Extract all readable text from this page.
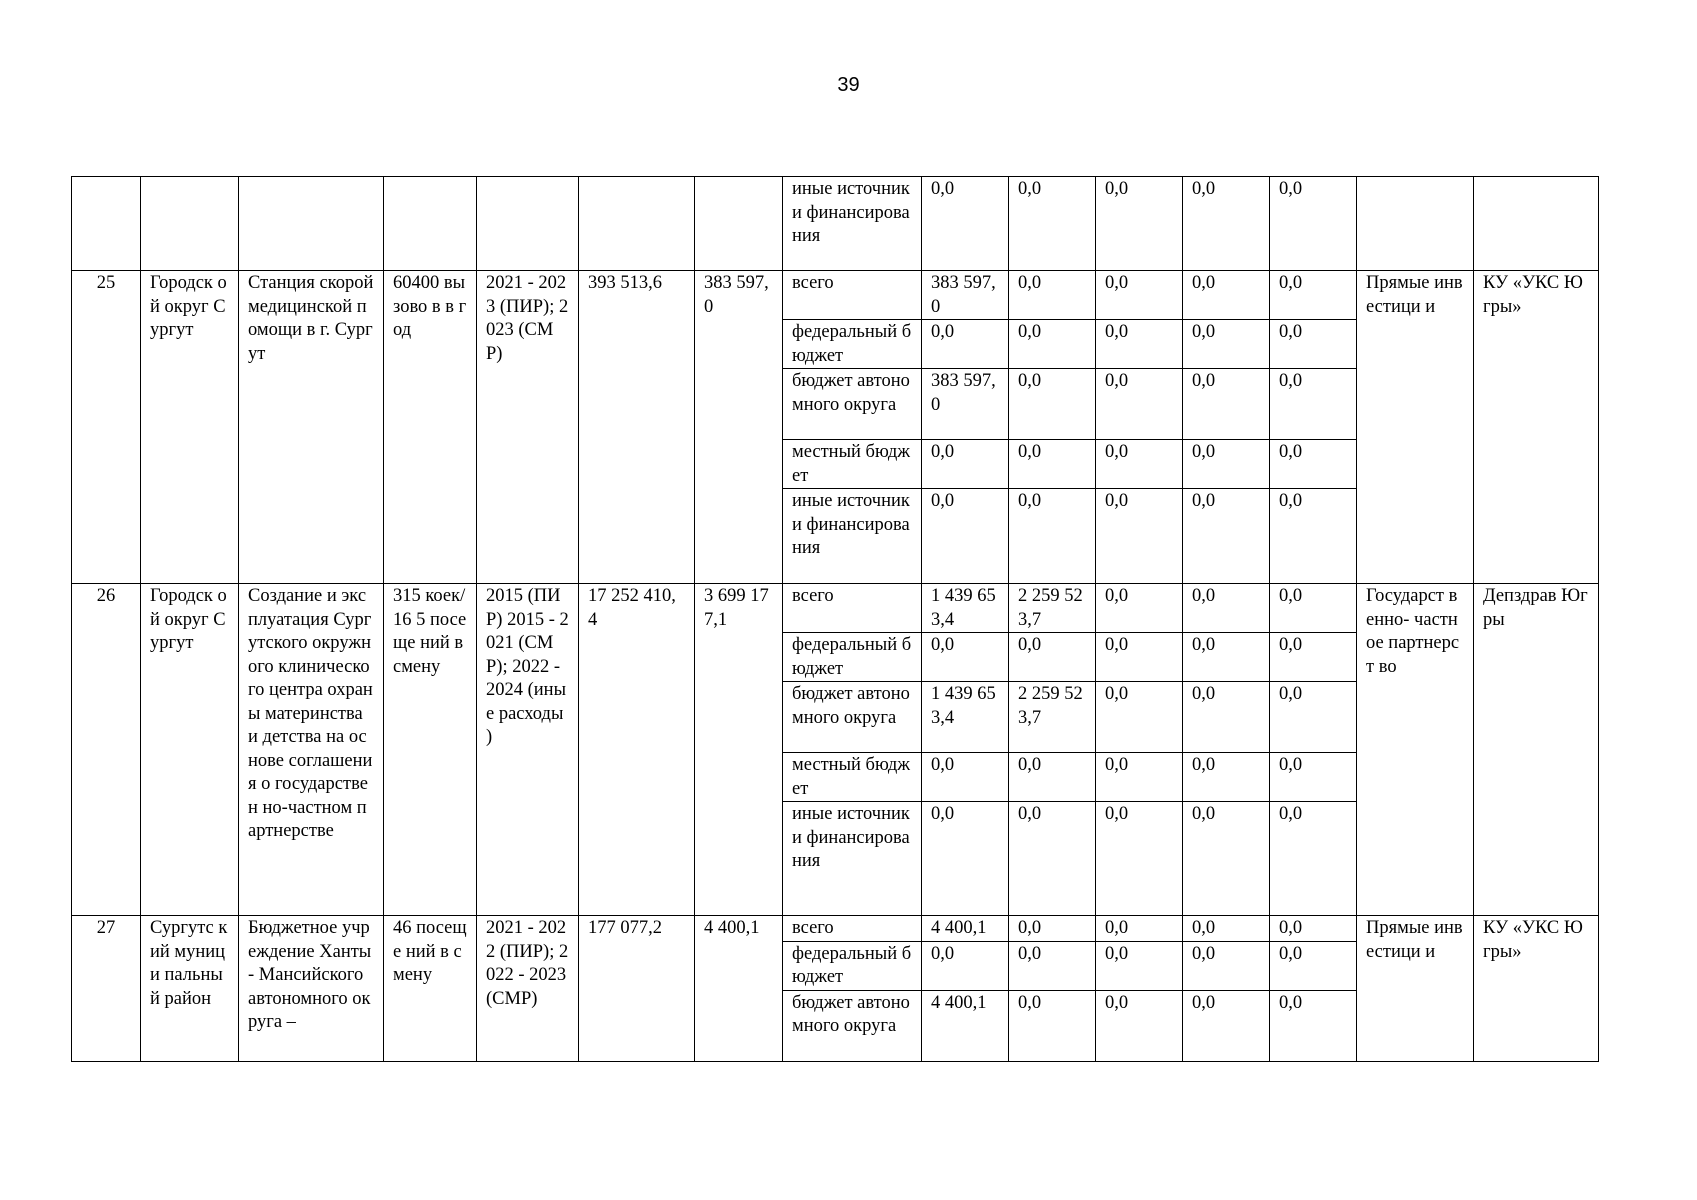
39
							иные источники финансирова ния	0,0	0,0	0,0	0,0	0,0		
25	Городск ой округ Сургут	Станция скорой медицинской помощи в г. Сургут	60400 вызово в в год	2021 - 2023 (ПИР); 2023 (СМР)	393 513,6	383 597,0	всего	383 597,0	0,0	0,0	0,0	0,0	Прямые инвестици и	КУ «УКС Югры»
							федеральный бюджет	0,0	0,0	0,0	0,0	0,0		
							бюджет автономного округа	383 597,0	0,0	0,0	0,0	0,0		
							местный бюджет	0,0	0,0	0,0	0,0	0,0		
							иные источники финансирова ния	0,0	0,0	0,0	0,0	0,0		
26	Городск ой округ Сургут	Создание и эксплуатация Сургутского окружного клинического центра охраны материнства и детства на основе соглашения о государствен но-частном партнерстве	315 коек/16 5 посеще ний в смену	2015 (ПИР) 2015 - 2021 (СМР); 2022 - 2024 (иные расходы )	17 252 410,4	3 699 177,1	всего	1 439 653,4	2 259 523,7	0,0	0,0	0,0	Государст венно- частное партнерст во	Депздрав Югры
							федеральный бюджет	0,0	0,0	0,0	0,0	0,0		
							бюджет автономного округа	1 439 653,4	2 259 523,7	0,0	0,0	0,0		
							местный бюджет	0,0	0,0	0,0	0,0	0,0		
							иные источники финансирова ния	0,0	0,0	0,0	0,0	0,0		
27	Сургутс кий муници пальный район	Бюджетное учреждение Ханты- Мансийского автономного округа –	46 посеще ний в смену	2021 - 2022 (ПИР); 2022 - 2023 (СМР)	177 077,2	4 400,1	всего	4 400,1	0,0	0,0	0,0	0,0	Прямые инвестици и	КУ «УКС Югры»
							федеральный бюджет	0,0	0,0	0,0	0,0	0,0		
							бюджет автономного округа	4 400,1	0,0	0,0	0,0	0,0		
